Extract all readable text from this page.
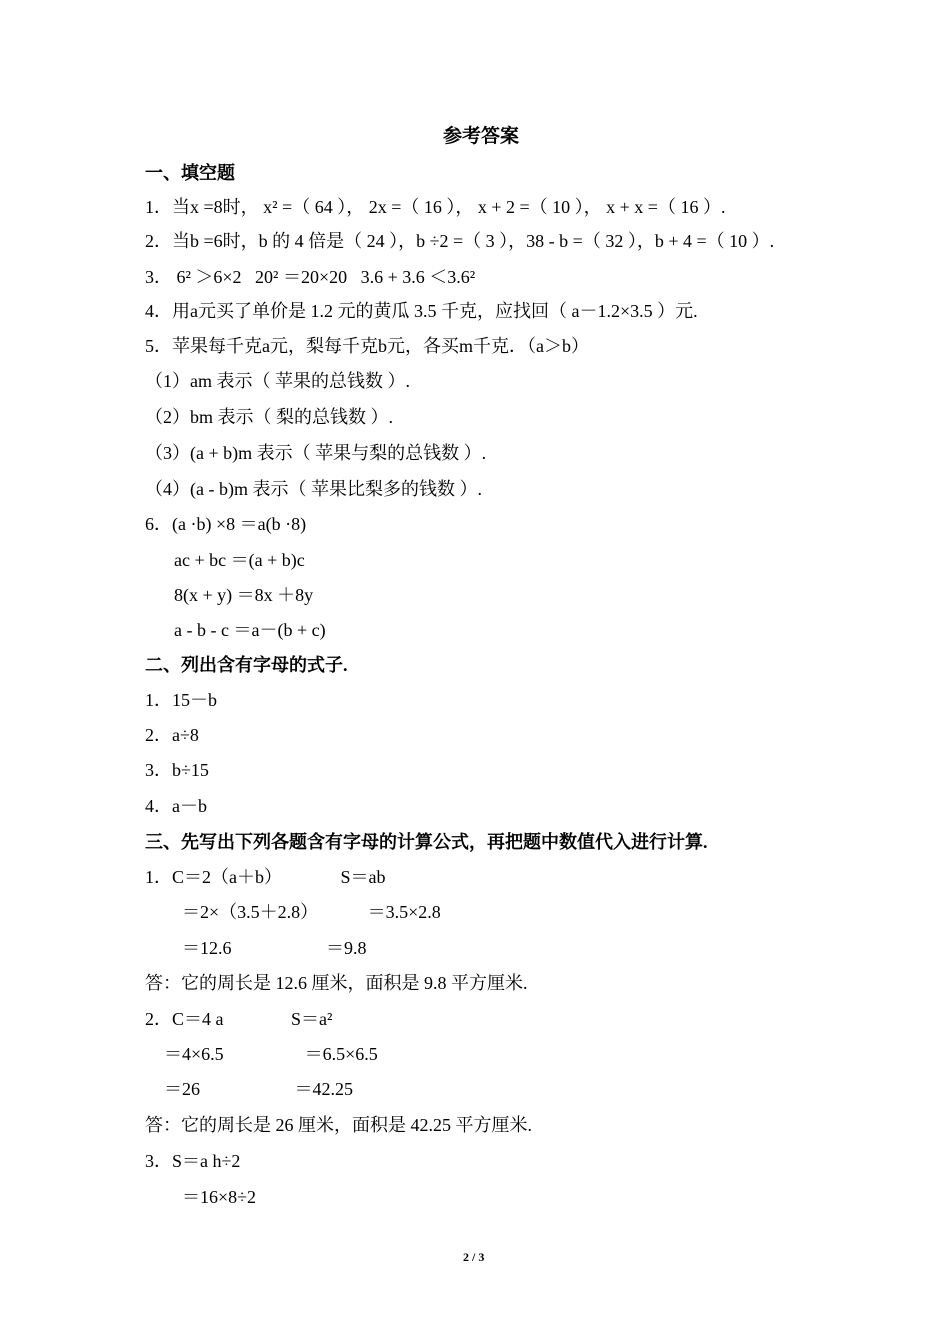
参考答案
一、填空题
1．当x =8时， x² =（ 64 ）， 2x =（ 16 ）， x + 2 =（ 10 ）， x + x =（ 16 ）.
2．当b =6时，b 的 4 倍是（ 24 ），b ÷2 =（ 3 ），38 - b =（ 32 ），b + 4 =（ 10 ）.
3． 6² ＞6×2   20² ＝20×20   3.6 + 3.6 ＜3.6²
4．用a元买了单价是 1.2 元的黄瓜 3.5 千克，应找回（ a－1.2×3.5 ）元.
5．苹果每千克a元，梨每千克b元，各买m千克．（a＞b）
（1）am 表示（ 苹果的总钱数 ）.
（2）bm 表示（ 梨的总钱数 ）.
（3）(a + b)m 表示（ 苹果与梨的总钱数 ）.
（4）(a - b)m 表示（ 苹果比梨多的钱数 ）.
6．(a ·b) ×8 ＝a(b ·8)
ac + bc ＝(a + b)c
8(x + y) ＝8x ＋8y
a - b - c ＝a－(b + c)
二、列出含有字母的式子.
1．15－b
2．a÷8
3．b÷15
4．a－b
三、先写出下列各题含有字母的计算公式，再把题中数值代入进行计算.
1．C＝2（a＋b）             S＝ab
＝2×（3.5＋2.8）           ＝3.5×2.8
＝12.6                     ＝9.8
答：它的周长是 12.6 厘米，面积是 9.8 平方厘米.
2．C＝4 a               S＝a²
＝4×6.5                  ＝6.5×6.5
＝26                     ＝42.25
答：它的周长是 26 厘米，面积是 42.25 平方厘米.
3．S＝a h÷2
＝16×8÷2
2 / 3
